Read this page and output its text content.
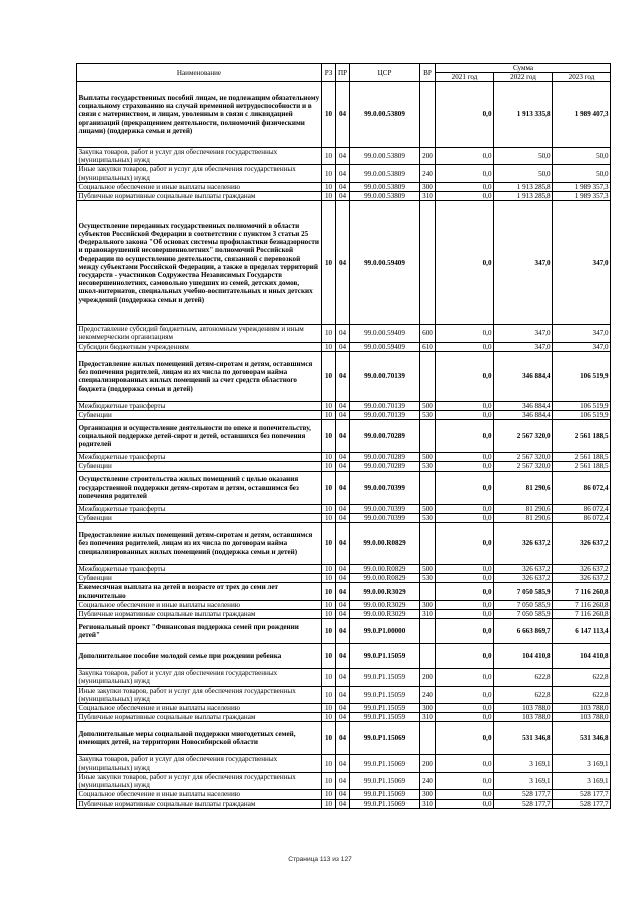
Наименование	РЗ	ПР	ЦСР	ВР	Сумма		
					2021 год	2022 год	2023 год
Выплаты государственных пособий лицам, не подлежащим обязательному социальному страхованию на случай временной нетрудоспособности и в связи с материнством, и лицам, уволенным в связи с ликвидацией организаций (прекращением деятельности, полномочий физическими лицами) (поддержка семьи и детей)	10	04	99.0.00.53809		0,0	1 913 335,8	1 989 407,3
Закупка товаров, работ и услуг для обеспечения государственных (муниципальных) нужд	10	04	99.0.00.53809	200	0,0	50,0	50,0
Иные закупки товаров, работ и услуг для обеспечения государственных (муниципальных) нужд	10	04	99.0.00.53809	240	0,0	50,0	50,0
Социальное обеспечение и иные выплаты населению	10	04	99.0.00.53809	300	0,0	1 913 285,8	1 989 357,3
Публичные нормативные социальные выплаты гражданам	10	04	99.0.00.53809	310	0,0	1 913 285,8	1 989 357,3
Осуществление переданных государственных полномочий в области субъектов Российской Федерации в соответствии с пунктом 3 статьи 25 Федерального закона "Об основах системы профилактики безнадзорности и правонарушений несовершеннолетних" полномочий Российской Федерации по осуществлению деятельности, связанной с перевозкой между субъектами Российской Федерации, а также в пределах территорий государств - участников Содружества Независимых Государств несовершеннолетних, самовольно ушедших из семей, детских домов, школ-интернатов, специальных учебно-воспитательных и иных детских учреждений (поддержка семьи и детей)	10	04	99.0.00.59409		0,0	347,0	347,0
Предоставление субсидий бюджетным, автономным учреждениям и иным некоммерческим организациям	10	04	99.0.00.59409	600	0,0	347,0	347,0
Субсидии бюджетным учреждениям	10	04	99.0.00.59409	610	0,0	347,0	347,0
Предоставление жилых помещений детям-сиротам и детям, оставшимся без попечения родителей, лицам из их числа по договорам найма специализированных жилых помещений за счет средств областного бюджета (поддержка семьи и детей)	10	04	99.0.00.70139		0,0	346 884,4	106 519,9
Межбюджетные трансферты	10	04	99.0.00.70139	500	0,0	346 884,4	106 519,9
Субвенции	10	04	99.0.00.70139	530	0,0	346 884,4	106 519,9
Организация и осуществление деятельности по опеке и попечительству, социальной поддержке детей-сирот и детей, оставшихся без попечения родителей	10	04	99.0.00.70289		0,0	2 567 320,0	2 561 188,5
Межбюджетные трансферты	10	04	99.0.00.70289	500	0,0	2 567 320,0	2 561 188,5
Субвенции	10	04	99.0.00.70289	530	0,0	2 567 320,0	2 561 188,5
Осуществление строительства жилых помещений с целью оказания государственной поддержки детям-сиротам и детям, оставшимся без попечения родителей	10	04	99.0.00.70399		0,0	81 290,6	86 072,4
Межбюджетные трансферты	10	04	99.0.00.70399	500	0,0	81 290,6	86 072,4
Субвенции	10	04	99.0.00.70399	530	0,0	81 290,6	86 072,4
Предоставление жилых помещений детям-сиротам и детям, оставшимся без попечения родителей, лицам из их числа по договорам найма специализированных жилых помещений (поддержка семьи и детей)	10	04	99.0.00.R0829		0,0	326 637,2	326 637,2
Межбюджетные трансферты	10	04	99.0.00.R0829	500	0,0	326 637,2	326 637,2
Субвенции	10	04	99.0.00.R0829	530	0,0	326 637,2	326 637,2
Ежемесячная выплата на детей в возрасте от трех до семи лет включительно	10	04	99.0.00.R3029		0,0	7 050 585,9	7 116 260,8
Социальное обеспечение и иные выплаты населению	10	04	99.0.00.R3029	300	0,0	7 050 585,9	7 116 260,8
Публичные нормативные социальные выплаты гражданам	10	04	99.0.00.R3029	310	0,0	7 050 585,9	7 116 260,8
Региональный проект "Финансовая поддержка семей при рождении детей"	10	04	99.0.P1.00000		0,0	6 663 869,7	6 147 113,4
Дополнительное пособие молодой семье при рождении ребенка	10	04	99.0.P1.15059		0,0	104 410,8	104 410,8
Закупка товаров, работ и услуг для обеспечения государственных (муниципальных) нужд	10	04	99.0.P1.15059	200	0,0	622,8	622,8
Иные закупки товаров, работ и услуг для обеспечения государственных (муниципальных) нужд	10	04	99.0.P1.15059	240	0,0	622,8	622,8
Социальное обеспечение и иные выплаты населению	10	04	99.0.P1.15059	300	0,0	103 788,0	103 788,0
Публичные нормативные социальные выплаты гражданам	10	04	99.0.P1.15059	310	0,0	103 788,0	103 788,0
Дополнительные меры социальной поддержки многодетных семей, имеющих детей, на территории Новосибирской области	10	04	99.0.P1.15069		0,0	531 346,8	531 346,8
Закупка товаров, работ и услуг для обеспечения государственных (муниципальных) нужд	10	04	99.0.P1.15069	200	0,0	3 169,1	3 169,1
Иные закупки товаров, работ и услуг для обеспечения государственных (муниципальных) нужд	10	04	99.0.P1.15069	240	0,0	3 169,1	3 169,1
Социальное обеспечение и иные выплаты населению	10	04	99.0.P1.15069	300	0,0	528 177,7	528 177,7
Публичные нормативные социальные выплаты гражданам	10	04	99.0.P1.15069	310	0,0	528 177,7	528 177,7
Страница 113 из 127
